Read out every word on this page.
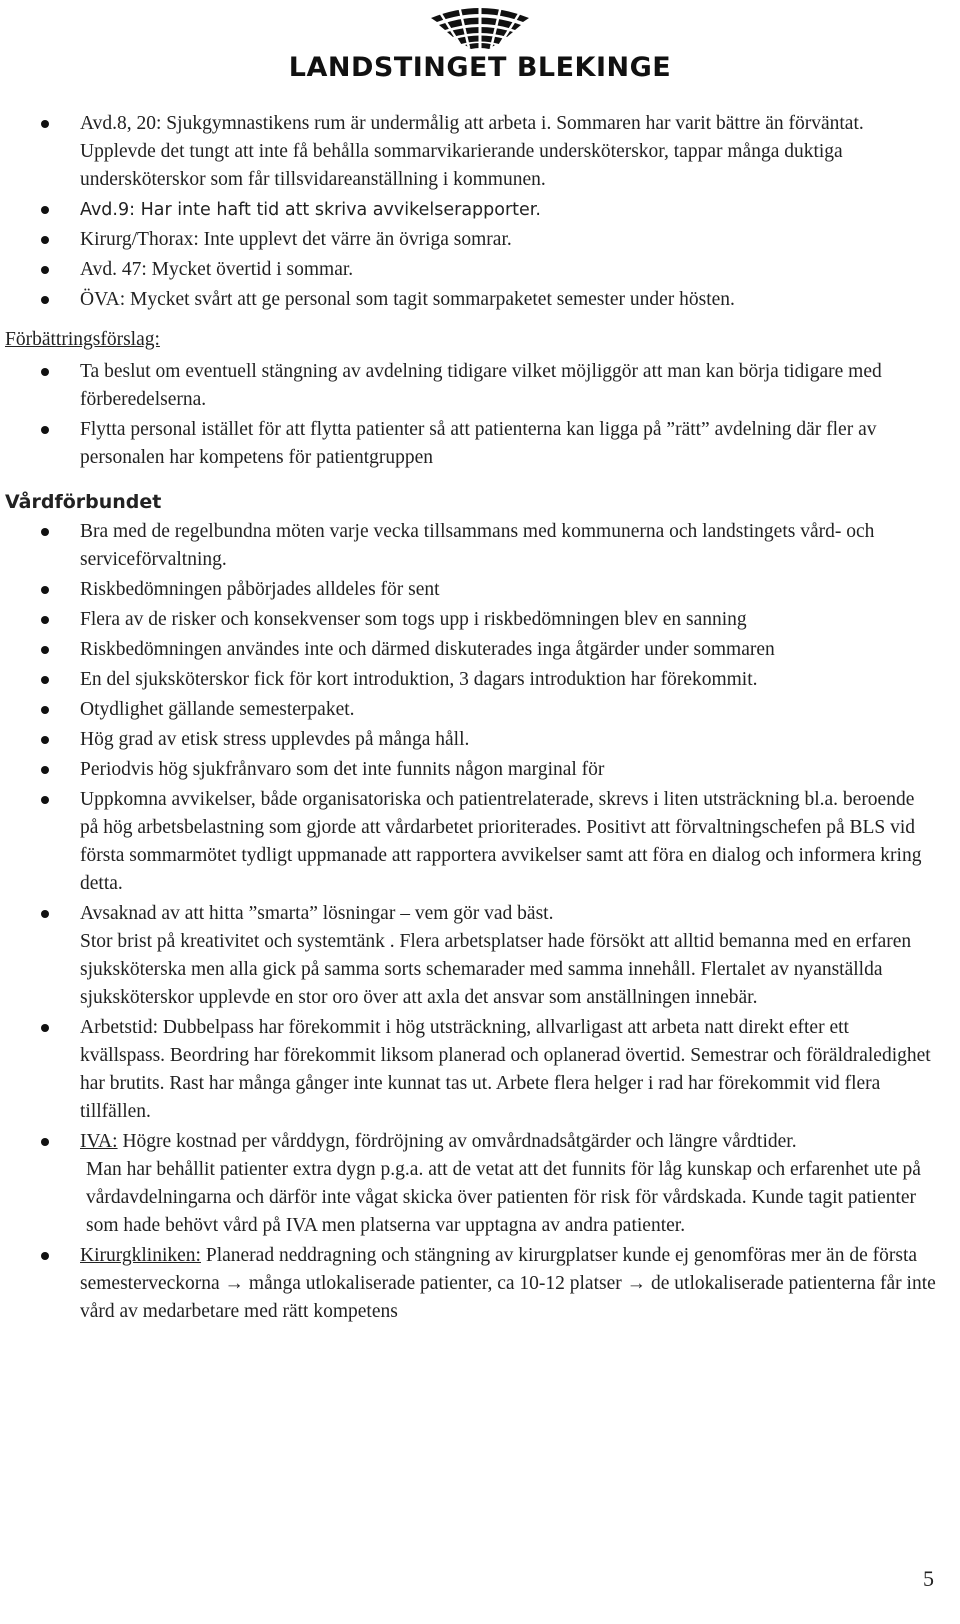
LANDSTINGET BLEKINGE
Avd.8, 20: Sjukgymnastikens rum är undermålig att arbeta i. Sommaren har varit bättre än förväntat. Upplevde det tungt att inte få behålla sommarvikarierande undersköterskor, tappar många duktiga undersköterskor som får tillsvidareanställning i kommunen.
Avd.9: Har inte haft tid att skriva avvikelserapporter.
Kirurg/Thorax: Inte upplevt det värre än övriga somrar.
Avd. 47: Mycket övertid i sommar.
ÖVA: Mycket svårt att ge personal som tagit sommarpaketet semester under hösten.
Förbättringsförslag:
Ta beslut om eventuell stängning av avdelning tidigare vilket möjliggör att man kan börja tidigare med förberedelserna.
Flytta personal istället för att flytta patienter så att patienterna kan ligga på ”rätt” avdelning där fler av personalen har kompetens för patientgruppen
Vårdförbundet
Bra med de regelbundna möten varje vecka tillsammans med kommunerna och landstingets vård- och serviceförvaltning.
Riskbedömningen påbörjades alldeles för sent
Flera av de risker och konsekvenser som togs upp i riskbedömningen blev en sanning
Riskbedömningen användes inte och därmed diskuterades inga åtgärder under sommaren
En del sjuksköterskor fick för kort introduktion, 3 dagars introduktion har förekommit.
Otydlighet gällande semesterpaket.
Hög grad av etisk stress upplevdes på många håll.
Periodvis hög sjukfrånvaro som det inte funnits någon marginal för
Uppkomna avvikelser, både organisatoriska och patientrelaterade, skrevs i liten utsträckning bl.a. beroende på hög arbetsbelastning som gjorde att vårdarbetet prioriterades. Positivt att förvaltningschefen på BLS vid första sommarmötet tydligt uppmanade att rapportera avvikelser samt att föra en dialog och informera kring detta.
Avsaknad av att hitta ”smarta” lösningar – vem gör vad bäst.
Stor brist på kreativitet och systemtänk . Flera arbetsplatser hade försökt att alltid bemanna med en erfaren sjuksköterska men alla gick på samma sorts schemarader med samma innehåll. Flertalet av nyanställda sjuksköterskor upplevde en stor oro över att axla det ansvar som anställningen innebär.
Arbetstid: Dubbelpass har förekommit i hög utsträckning, allvarligast att arbeta natt direkt efter ett kvällspass. Beordring har förekommit liksom planerad och oplanerad övertid. Semestrar och föräldraledighet har brutits. Rast har många gånger inte kunnat tas ut. Arbete flera helger i rad har förekommit vid flera tillfällen.
IVA: Högre kostnad per vårddygn, fördröjning av omvårdnadsåtgärder och längre vårdtider.
Man har behållit patienter extra dygn p.g.a. att de vetat att det funnits för låg kunskap och erfarenhet ute på vårdavdelningarna och därför inte vågat skicka över patienten för risk för vårdskada. Kunde tagit patienter som hade behövt vård på IVA men platserna var upptagna av andra patienter.
Kirurgkliniken: Planerad neddragning och stängning av kirurgplatser kunde ej genomföras mer än de första semesterveckorna → många utlokaliserade patienter, ca 10-12 platser → de utlokaliserade patienterna får inte vård av medarbetare med rätt kompetens
5
